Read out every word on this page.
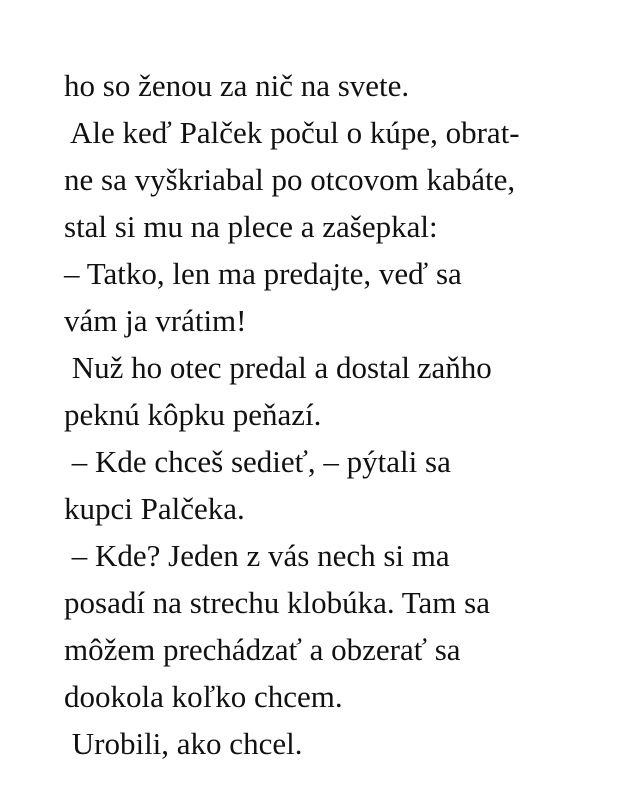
ho so ženou za nič na svete.
Ale keď Palček počul o kúpe, obrat-
ne sa vyškriabal po otcovom kabáte,
stal si mu na plece a zašepkal:
– Tatko, len ma predajte, veď sa
vám ja vrátim!
Nuž ho otec predal a dostal zaňho
peknú kôpku peňazí.
– Kde chceš sedieť, – pýtali sa
kupci Palčeka.
– Kde? Jeden z vás nech si ma
posadí na strechu klobúka. Tam sa
môžem prechádzať a obzerať sa
dookola koľko chcem.
Urobili, ako chcel.
